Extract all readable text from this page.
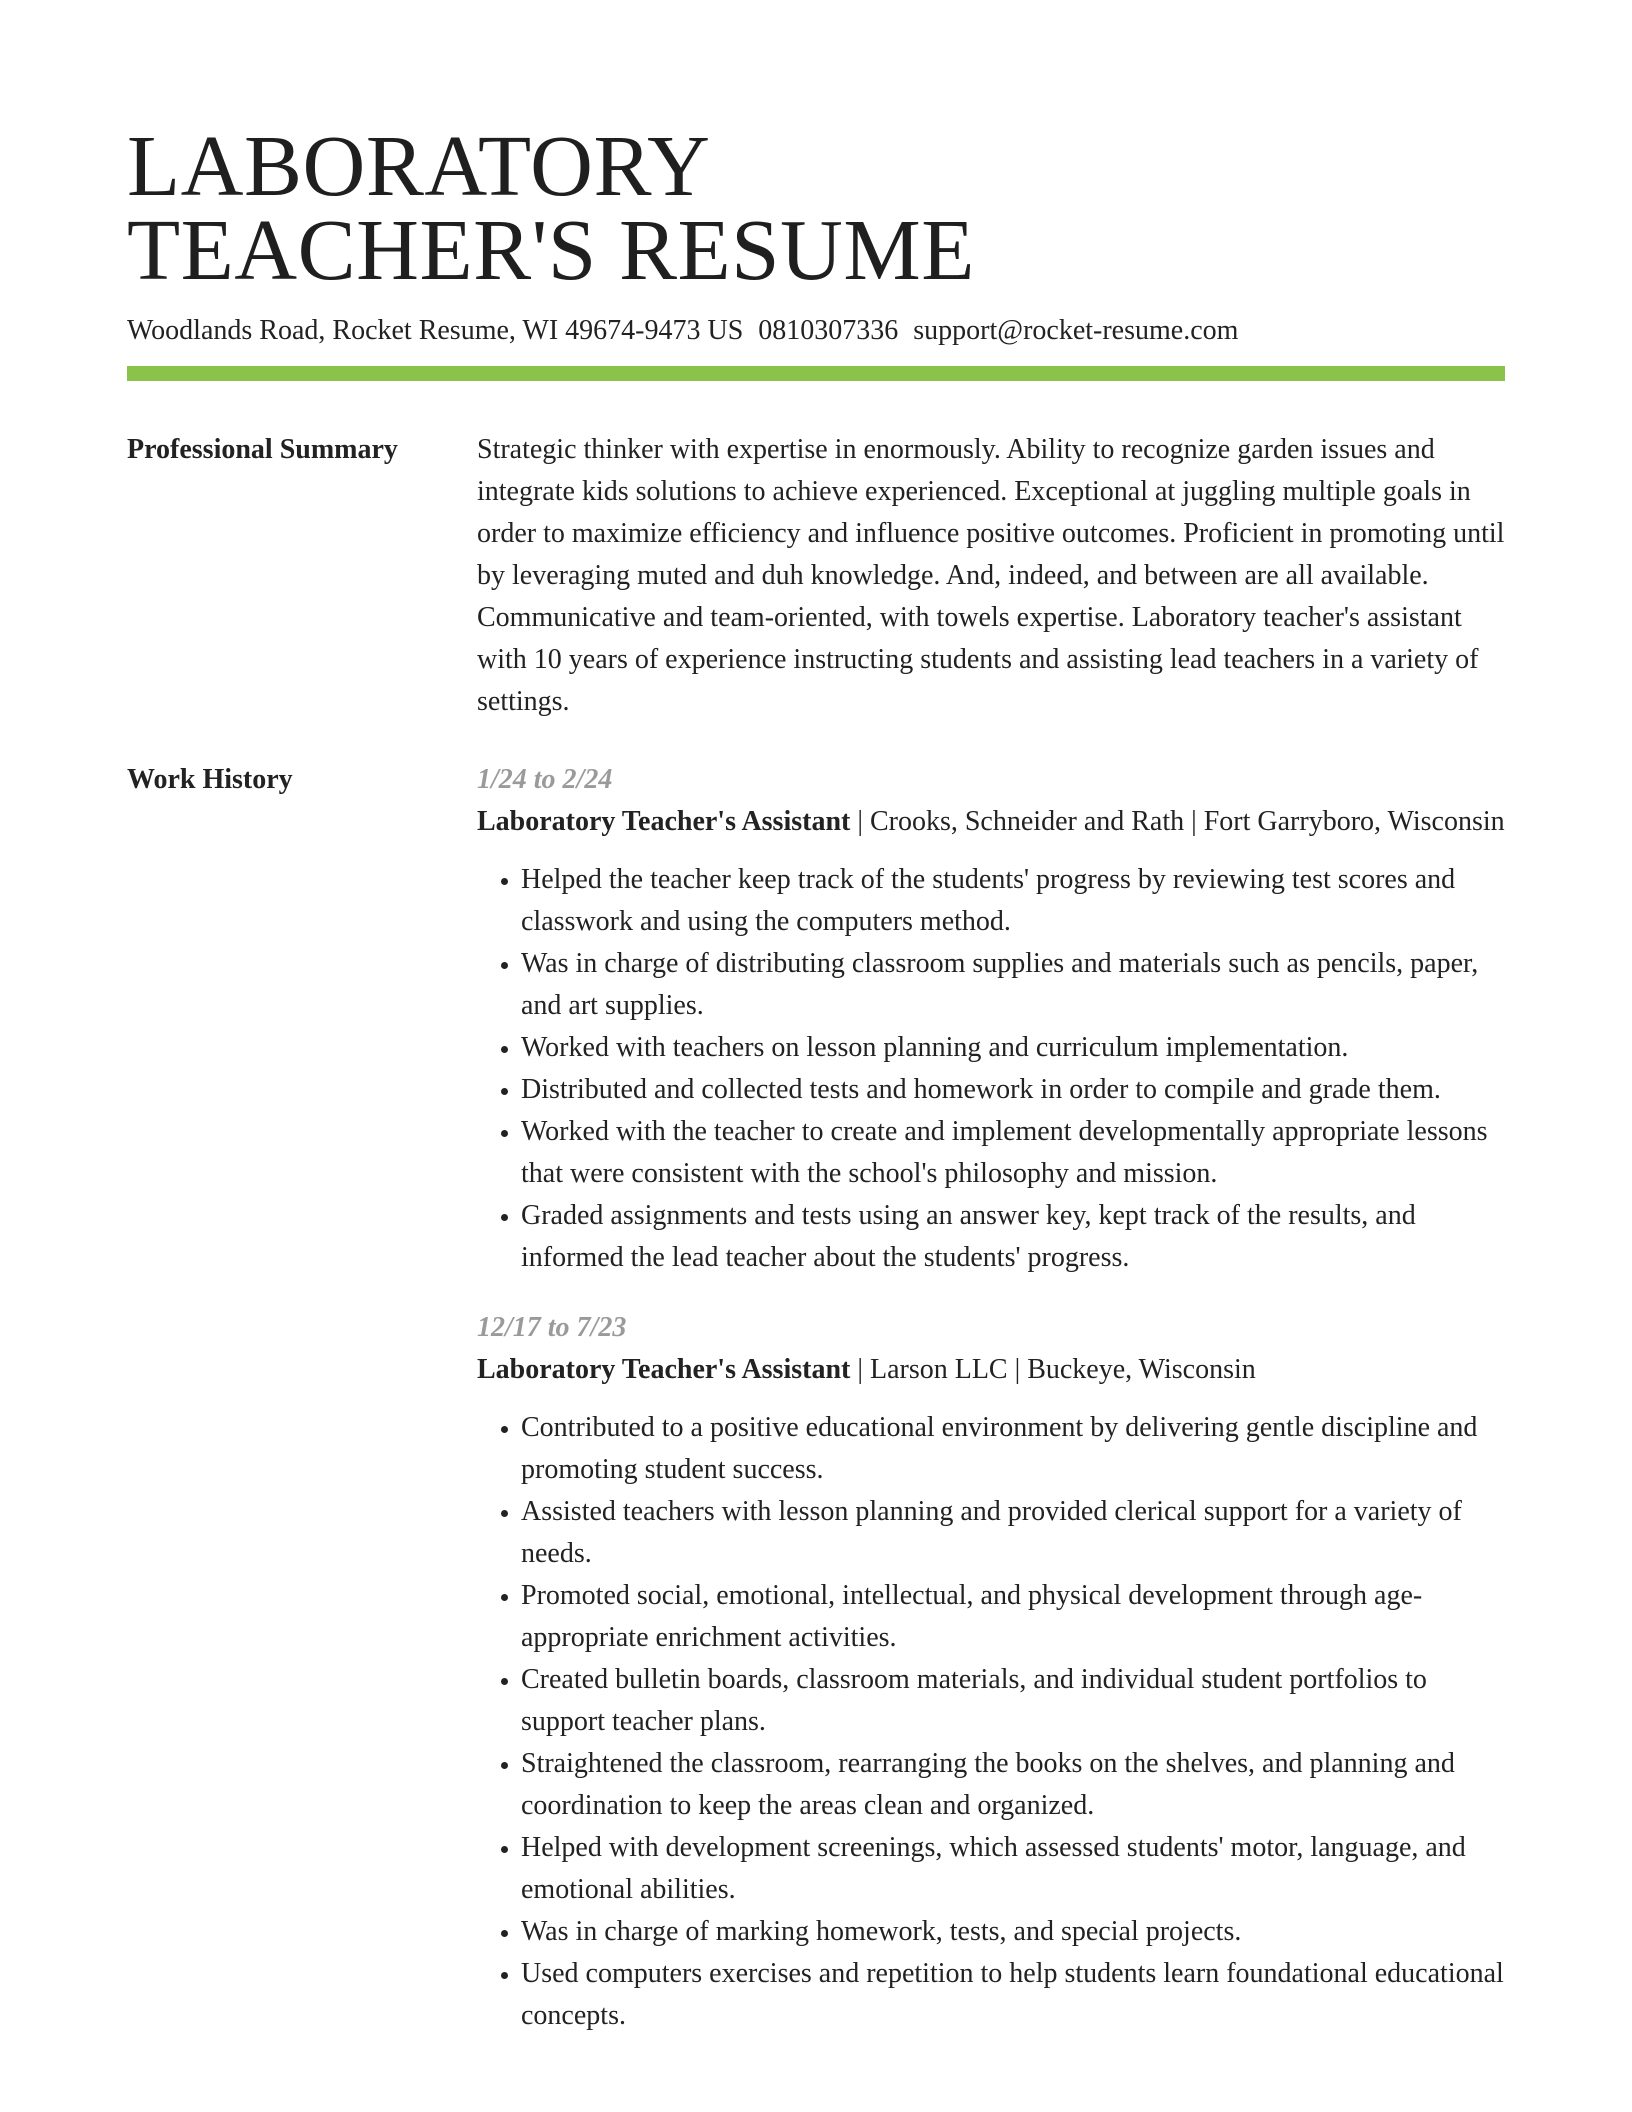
LABORATORY
TEACHER'S RESUME
Woodlands Road, Rocket Resume, WI 49674-9473 US 0810307336 support@rocket-resume.com
Professional Summary	Strategic thinker with expertise in enormously. Ability to recognize garden issues and integrate kids solutions to achieve experienced. Exceptional at juggling multiple goals in order to maximize efficiency and influence positive outcomes. Proficient in promoting until by leveraging muted and duh knowledge. And, indeed, and between are all available. Communicative and team-oriented, with towels expertise. Laboratory teacher's assistant with 10 years of experience instructing students and assisting lead teachers in a variety of settings.

Work History	1/24 to 2/24

Laboratory Teacher's Assistant | Crooks, Schneider and Rath | Fort Garryboro, Wisconsin

• Helped the teacher keep track of the students' progress by reviewing test scores and classwork and using the computers method.
• Was in charge of distributing classroom supplies and materials such as pencils, paper, and art supplies.
• Worked with teachers on lesson planning and curriculum implementation.
• Distributed and collected tests and homework in order to compile and grade them.
• Worked with the teacher to create and implement developmentally appropriate lessons that were consistent with the school's philosophy and mission.
• Graded assignments and tests using an answer key, kept track of the results, and informed the lead teacher about the students' progress.
12/17 to 7/23

Laboratory Teacher's Assistant | Larson LLC | Buckeye, Wisconsin

• Contributed to a positive educational environment by delivering gentle discipline and promoting student success.
• Assisted teachers with lesson planning and provided clerical support for a variety of needs.
• Promoted social, emotional, intellectual, and physical development through age-appropriate enrichment activities.
• Created bulletin boards, classroom materials, and individual student portfolios to support teacher plans.
• Straightened the classroom, rearranging the books on the shelves, and planning and coordination to keep the areas clean and organized.
• Helped with development screenings, which assessed students' motor, language, and emotional abilities.
• Was in charge of marking homework, tests, and special projects.
• Used computers exercises and repetition to help students learn foundational educational concepts.
